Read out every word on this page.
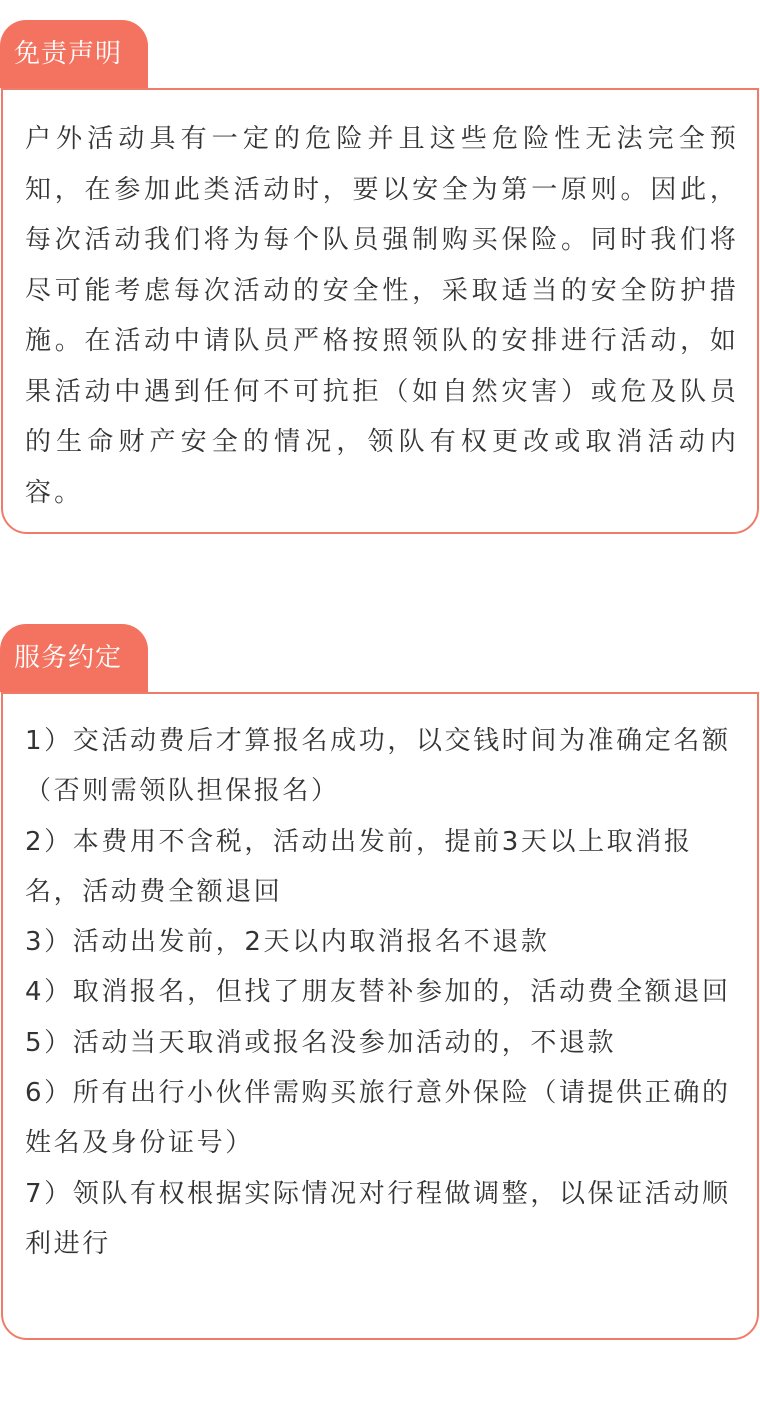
免责声明

户外活动具有一定的危险并且这些危险性无法完全预知，在参加此类活动时，要以安全为第一原则。因此，每次活动我们将为每个队员强制购买保险。同时我们将尽可能考虑每次活动的安全性，采取适当的安全防护措施。在活动中请队员严格按照领队的安排进行活动，如果活动中遇到任何不可抗拒（如自然灾害）或危及队员的生命财产安全的情况，领队有权更改或取消活动内容。

服务约定
1）交活动费后才算报名成功，以交钱时间为准确定名额（否则需领队担保报名）
2）本费用不含税，活动出发前，提前3天以上取消报名，活动费全额退回
3）活动出发前，2天以内取消报名不退款
4）取消报名，但找了朋友替补参加的，活动费全额退回
5）活动当天取消或报名没参加活动的，不退款
6）所有出行小伙伴需购买旅行意外保险（请提供正确的姓名及身份证号）
7）领队有权根据实际情况对行程做调整，以保证活动顺利进行
